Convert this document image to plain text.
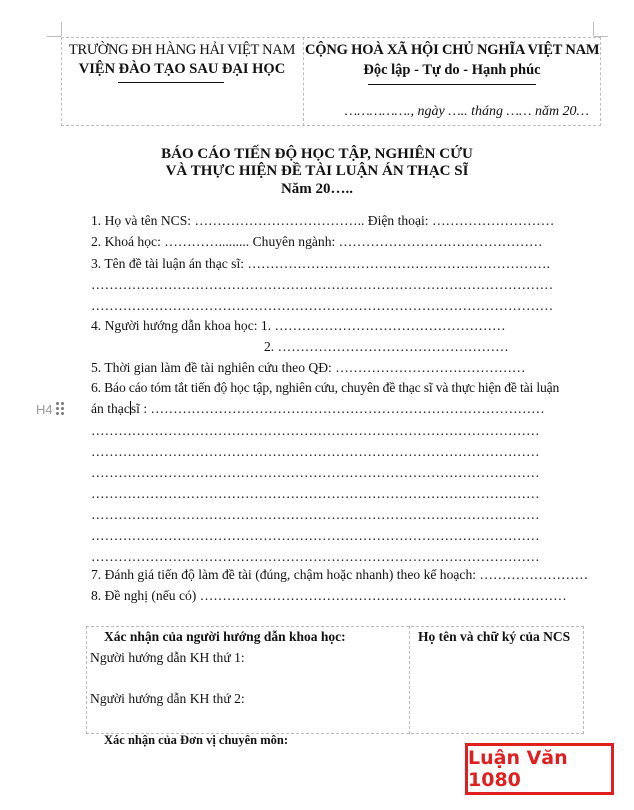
TRƯỜNG ĐH HÀNG HẢI VIỆT NAM
VIỆN ĐÀO TẠO SAU ĐẠI HỌC
CỘNG HOÀ XÃ HỘI CHỦ NGHĨA VIỆT NAM
Độc lập - Tự do - Hạnh phúc
……………., ngày ….. tháng …… năm 20…
BÁO CÁO TIẾN ĐỘ HỌC TẬP, NGHIÊN CỨU
VÀ THỰC HIỆN ĐỀ TÀI LUẬN ÁN THẠC SĨ
Năm 20…..
1. Họ và tên NCS: ……………………………….. Điện thoại: ………………………
2. Khoá học: …………......... Chuyên ngành: ………………………………………
3. Tên đề tài luận án thạc sĩ: ………………………………………………………….
…………………………………………………………………………………………
…………………………………………………………………………………………
4. Người hướng dẫn khoa học: 1. ……………………………………………
2. ……………………………………………
5. Thời gian làm đề tài nghiên cứu theo QĐ: ……………………………………
6. Báo cáo tóm tắt tiến độ học tập, nghiên cứu, chuyên đề thạc sĩ và thực hiện đề tài luận
án thạcsĩ : ……………………………………………………………………………
………………………………………………………………………………………
………………………………………………………………………………………
………………………………………………………………………………………
………………………………………………………………………………………
………………………………………………………………………………………
………………………………………………………………………………………
………………………………………………………………………………………
7. Đánh giá tiến độ làm đề tài (đúng, chậm hoặc nhanh) theo kế hoạch: ……………………
8. Đề nghị (nếu có) ………………………………………………………………………
H4
Xác nhận của người hướng dẫn khoa học:
Người hướng dẫn KH thứ 1:
Người hướng dẫn KH thứ 2:
Họ tên và chữ ký của NCS
Xác nhận của Đơn vị chuyên môn:
Luận Văn 1080
